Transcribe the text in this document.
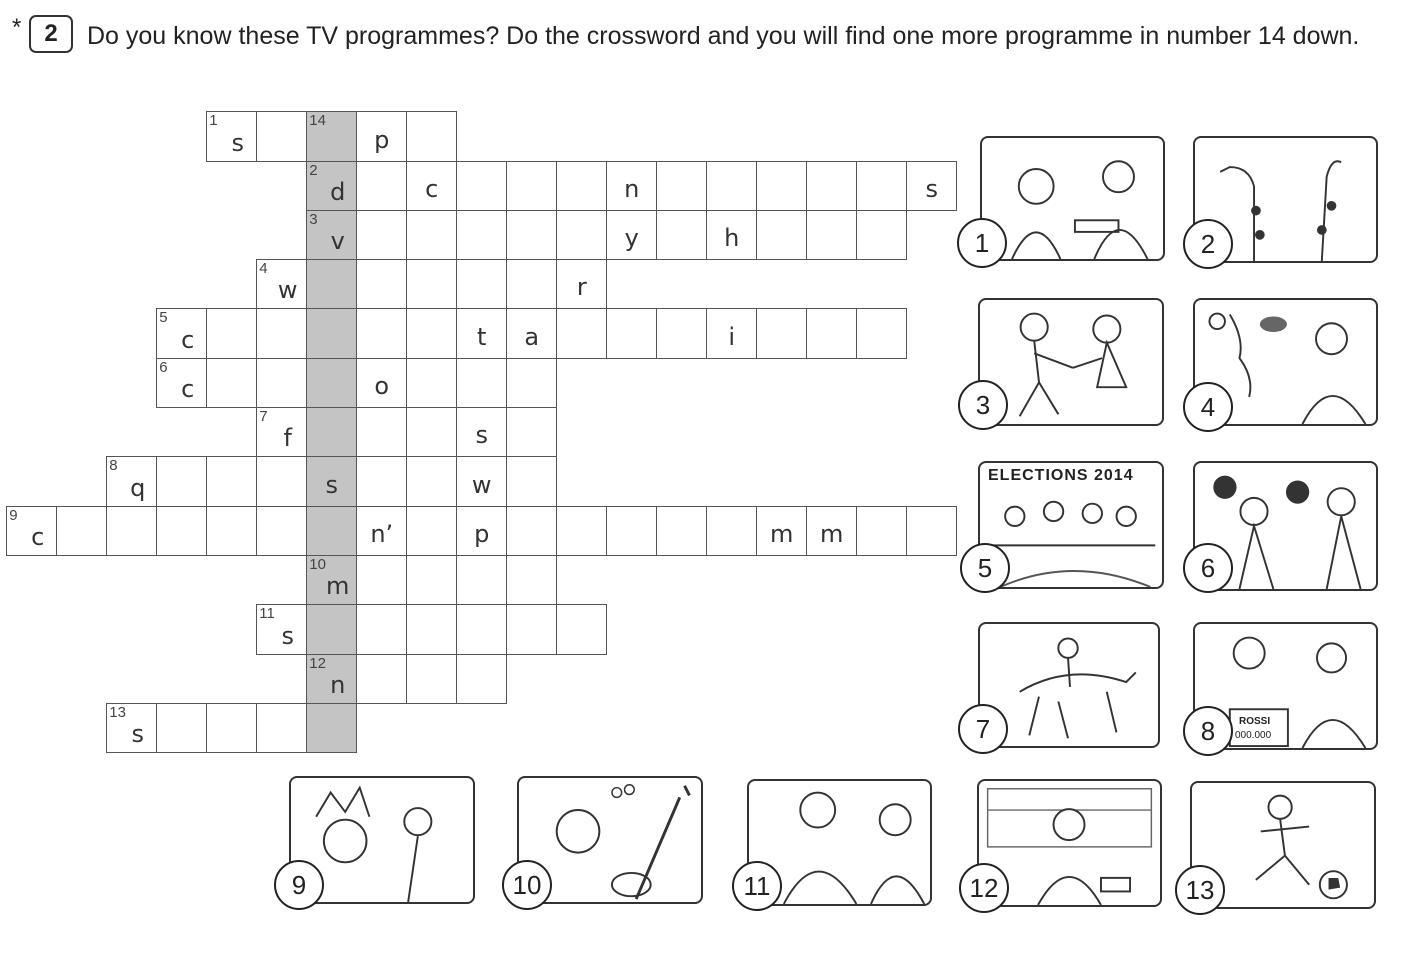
* 2	Do you know these TV programmes? Do the crossword and you will find one more programme in number 14 down.
1
s
14
p
2
d	c	n	s
3
v	y	h
4
w	r
5
c	t	a	i
6
c	o
7
f	s
8
q	s	w
9
c	n’	p	m	m
10
m
11
s
12
n
13
s
1	2
3	4
ELECTIONS 2014
5	6
7	ROSSI
000.000
8
9	10	11	12	13
